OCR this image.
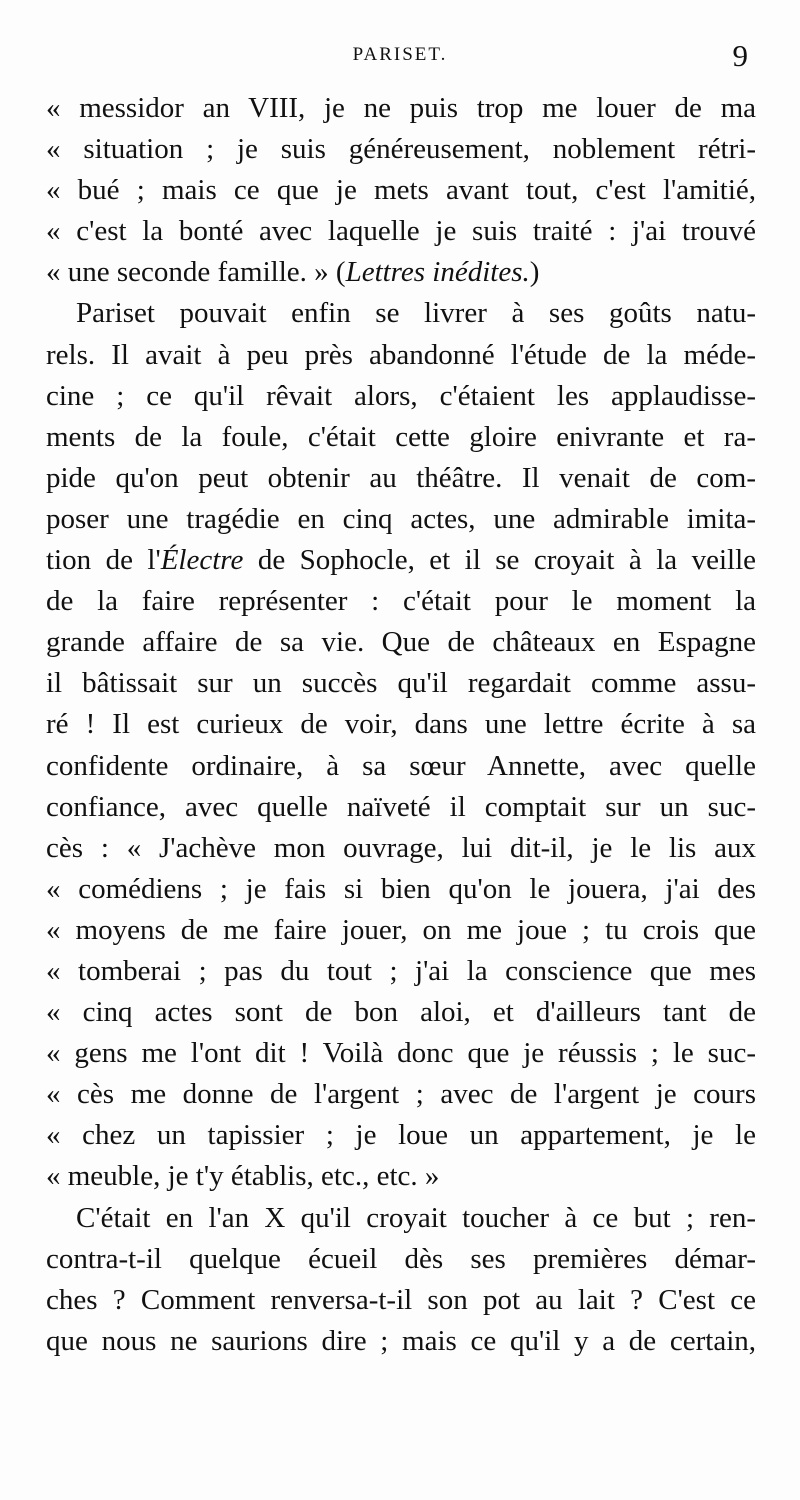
PARISET.	9
« messidor an VIII, je ne puis trop me louer de ma
« situation ; je suis généreusement, noblement rétri-
« bué ; mais ce que je mets avant tout, c'est l'amitié,
« c'est la bonté avec laquelle je suis traité : j'ai trouvé
« une seconde famille. » (Lettres inédites.)
Pariset pouvait enfin se livrer à ses goûts natu-
rels. Il avait à peu près abandonné l'étude de la méde-
cine ; ce qu'il rêvait alors, c'étaient les applaudisse-
ments de la foule, c'était cette gloire enivrante et ra-
pide qu'on peut obtenir au théâtre. Il venait de com-
poser une tragédie en cinq actes, une admirable imita-
tion de l'Électre de Sophocle, et il se croyait à la veille
de la faire représenter : c'était pour le moment la
grande affaire de sa vie. Que de châteaux en Espagne
il bâtissait sur un succès qu'il regardait comme assu-
ré ! Il est curieux de voir, dans une lettre écrite à sa
confidente ordinaire, à sa sœur Annette, avec quelle
confiance, avec quelle naïveté il comptait sur un suc-
cès : « J'achève mon ouvrage, lui dit-il, je le lis aux
« comédiens ; je fais si bien qu'on le jouera, j'ai des
« moyens de me faire jouer, on me joue ; tu crois que
« tomberai ; pas du tout ; j'ai la conscience que mes
« cinq actes sont de bon aloi, et d'ailleurs tant de
« gens me l'ont dit ! Voilà donc que je réussis ; le suc-
« cès me donne de l'argent ; avec de l'argent je cours
« chez un tapissier ; je loue un appartement, je le
« meuble, je t'y établis, etc., etc. »
C'était en l'an X qu'il croyait toucher à ce but ; ren-
contra-t-il quelque écueil dès ses premières démar-
ches ? Comment renversa-t-il son pot au lait ? C'est ce
que nous ne saurions dire ; mais ce qu'il y a de certain,
